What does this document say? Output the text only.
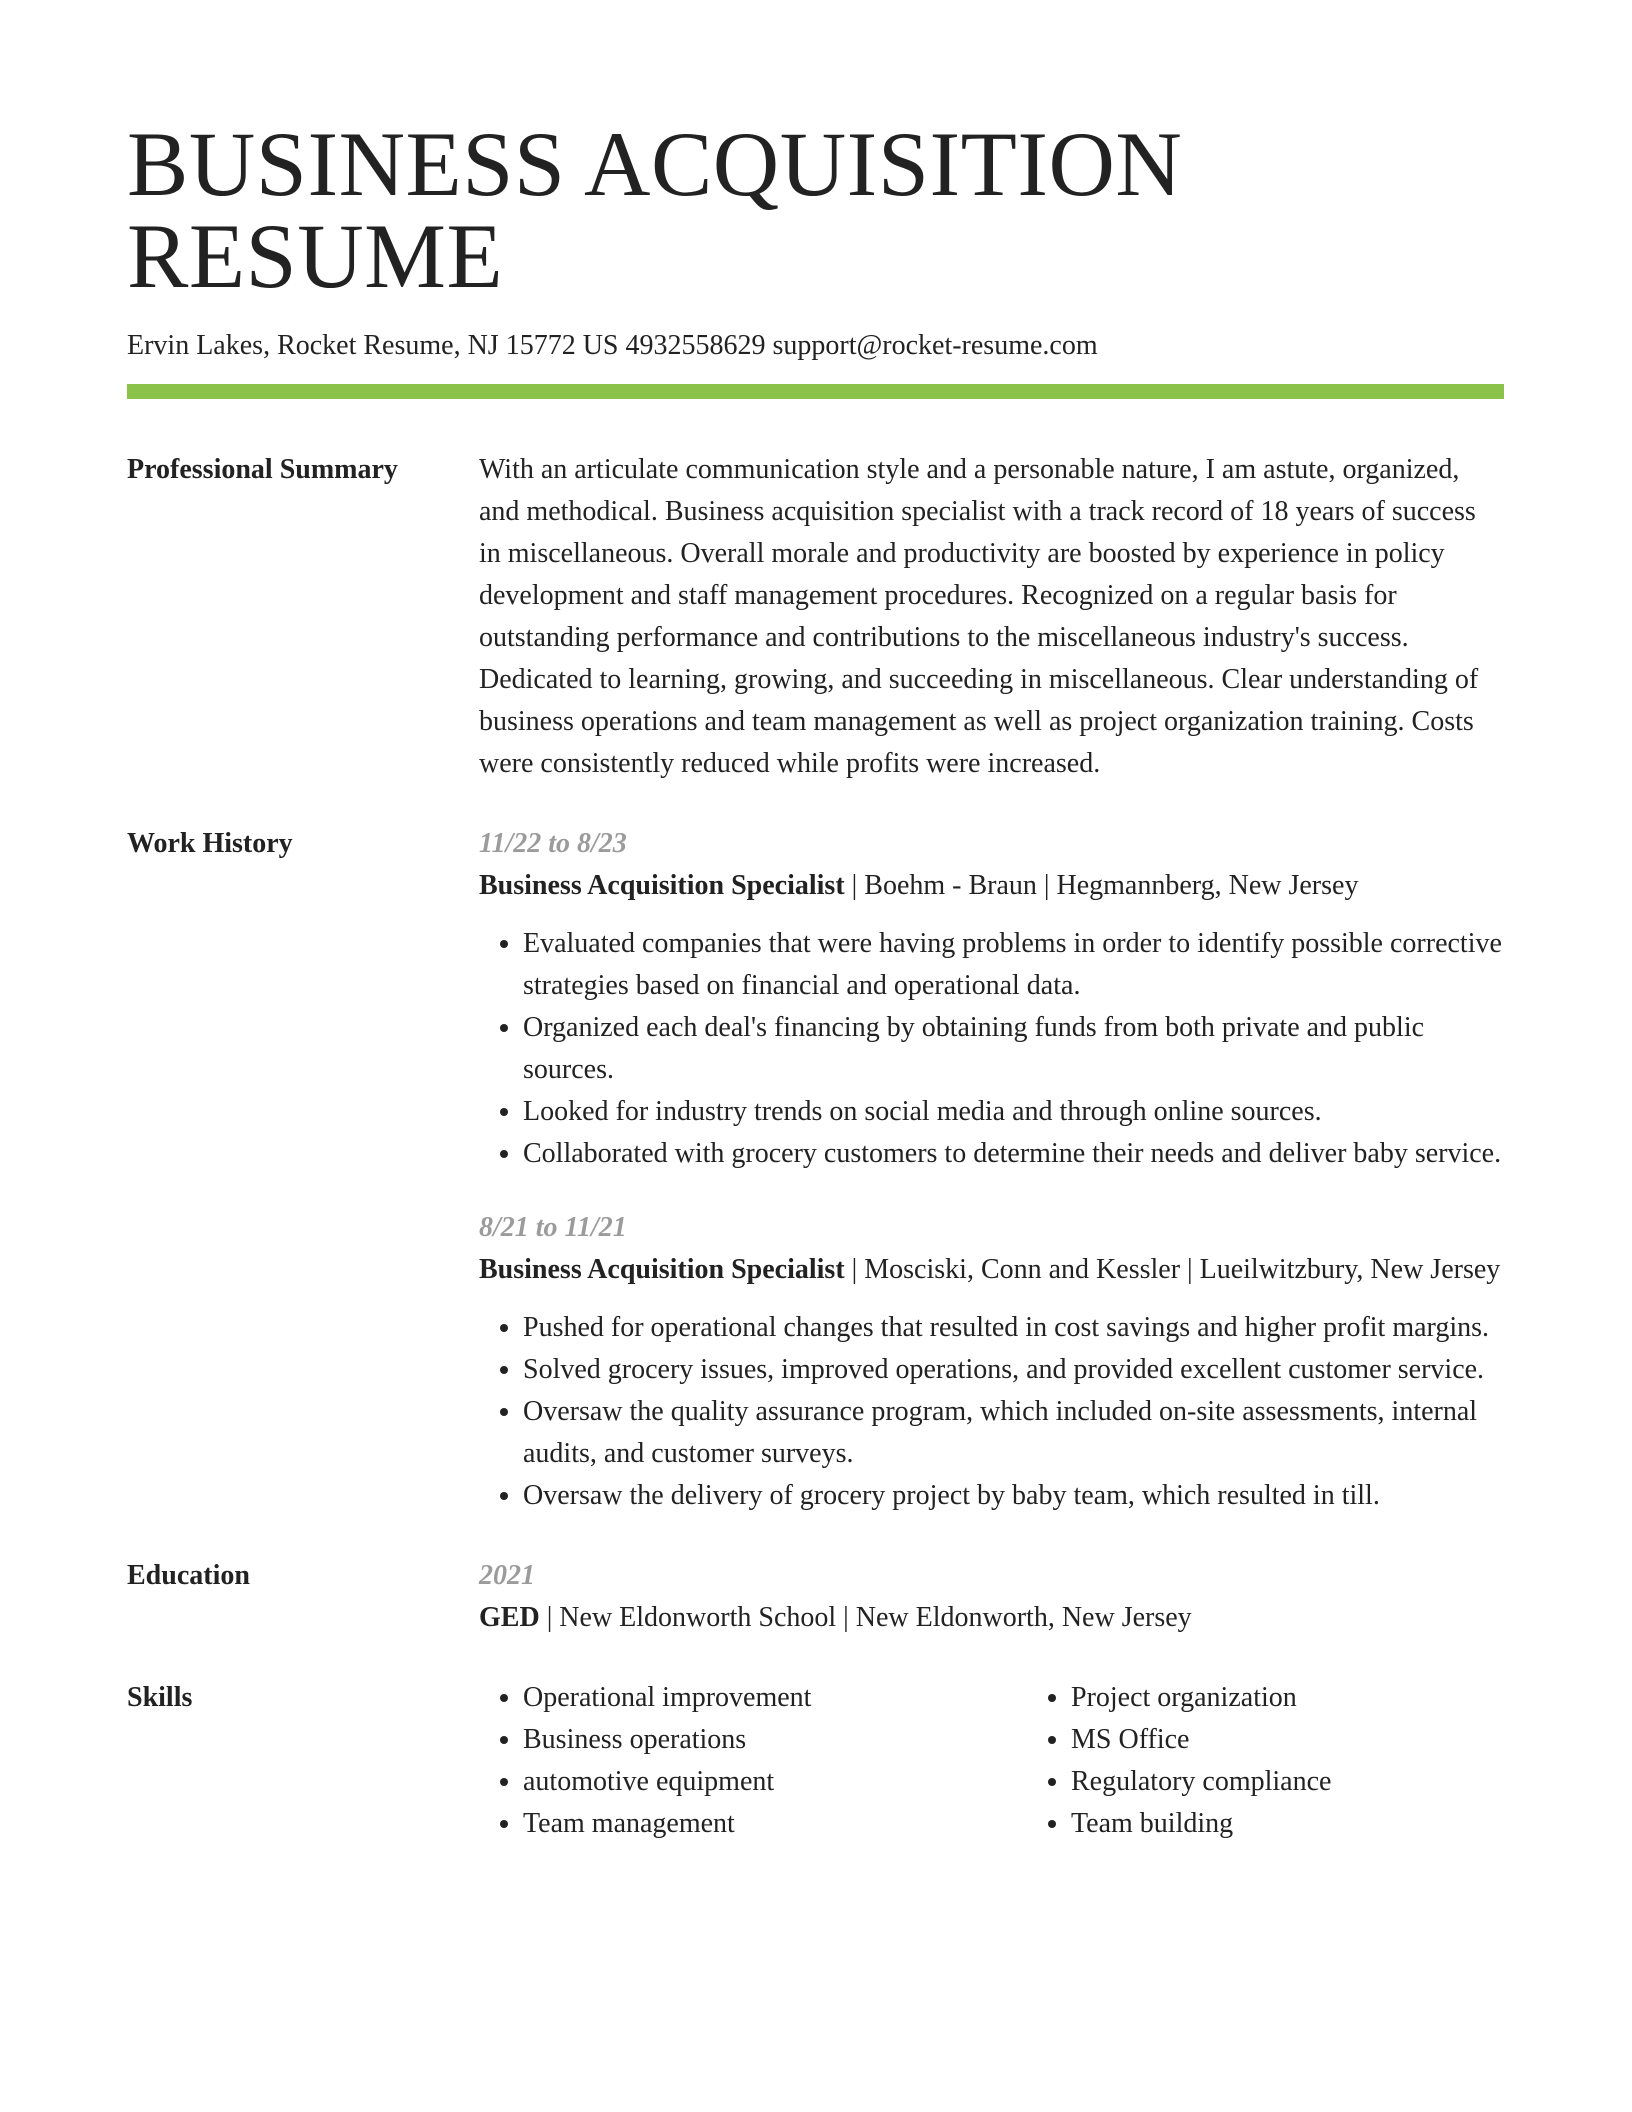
BUSINESS ACQUISITION RESUME
Ervin Lakes, Rocket Resume, NJ 15772 US 4932558629 support@rocket-resume.com
Professional Summary	With an articulate communication style and a personable nature, I am astute, organized, and methodical. Business acquisition specialist with a track record of 18 years of success in miscellaneous. Overall morale and productivity are boosted by experience in policy development and staff management procedures. Recognized on a regular basis for outstanding performance and contributions to the miscellaneous industry's success. Dedicated to learning, growing, and succeeding in miscellaneous. Clear understanding of business operations and team management as well as project organization training. Costs were consistently reduced while profits were increased.
Work History	11/22 to 8/23
Business Acquisition Specialist | Boehm - Braun | Hegmannberg, New Jersey
• Evaluated companies that were having problems in order to identify possible corrective strategies based on financial and operational data.
• Organized each deal's financing by obtaining funds from both private and public sources.
• Looked for industry trends on social media and through online sources.
• Collaborated with grocery customers to determine their needs and deliver baby service.
8/21 to 11/21
Business Acquisition Specialist | Mosciski, Conn and Kessler | Lueilwitzbury, New Jersey
• Pushed for operational changes that resulted in cost savings and higher profit margins.
• Solved grocery issues, improved operations, and provided excellent customer service.
• Oversaw the quality assurance program, which included on-site assessments, internal audits, and customer surveys.
• Oversaw the delivery of grocery project by baby team, which resulted in till.
Education	2021
GED | New Eldonworth School | New Eldonworth, New Jersey
Skills
•	Operational improvement
• Business operations
• automotive equipment
• Team management
• Project organization
• MS Office
• Regulatory compliance
• Team building
